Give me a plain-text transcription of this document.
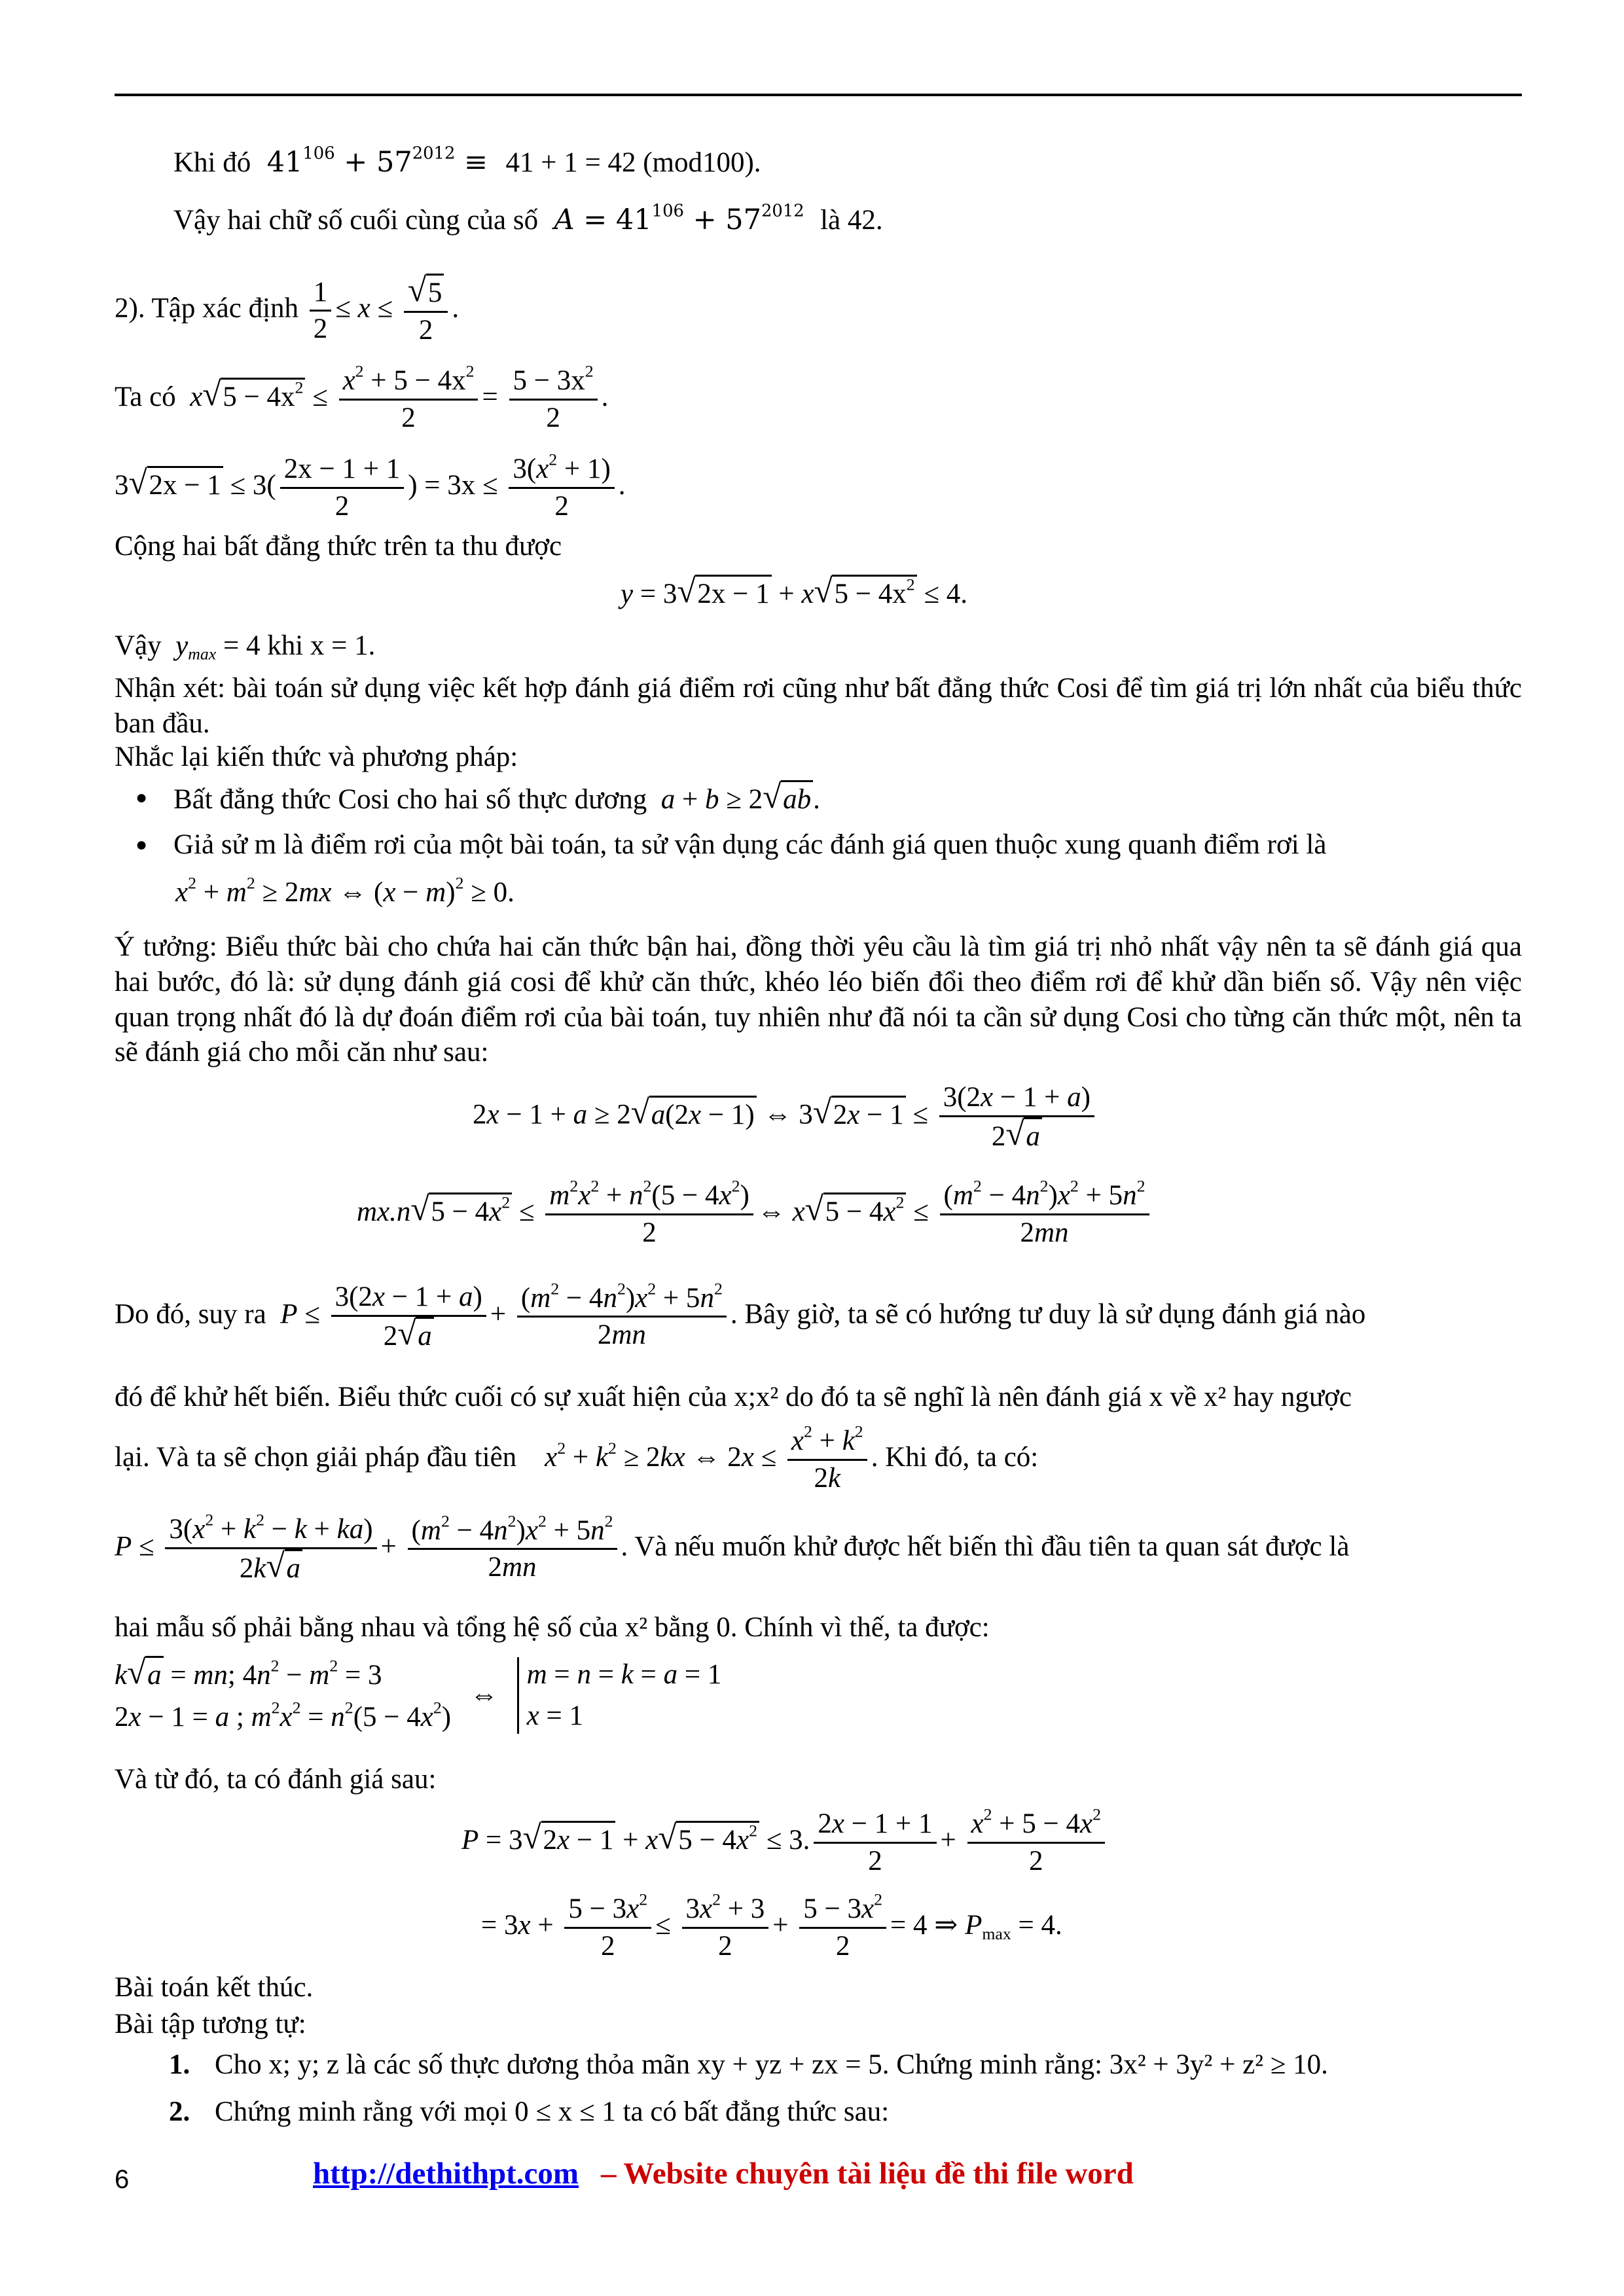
Khi đó  $41^{106} + 57^{2012} \equiv 41 + 1 = 42$ (mod100).
Vậy hai chữ số cuối cùng của số $A = 41^{106} + 57^{2012}$ là 42.
2). Tập xác định $\frac{1}{2} \le x$ ≤ √ $\frac{5}{2}$ .
Ta có  x √ $5 - 4x^2 \le \frac{x^2 + 5 - 4x^2}{2} = \frac{5 - 3x^2}{2}$ .
3 √ $2x - 1 \le 3( \frac{2x - 1 + 1}{2}$ ) = $3x \le \frac{3(x^2 + 1)}{2}$ .
Cộng hai bất đẳng thức trên ta thu được
y = 3 √ 2x − 1 + x √ $5 - 4x^2 \le 4$.
Vậy $y_{max} = 4$ khi x = 1.
Nhận xét: bài toán sử dụng việc kết hợp đánh giá điểm rơi cũng như bất đẳng thức Cosi để tìm giá trị lớn nhất của biểu thức ban đầu.
Nhắc lại kiến thức và phương pháp:
● Bất đẳng thức Cosi cho hai số thực dương a + b ≥ 2 √ ab.
● Giả sử m là điểm rơi của một bài toán, ta sử vận dụng các đánh giá quen thuộc xung quanh điểm rơi là
$x^2 + m^2 \ge 2mx$ ⇔ $(x - m)^2 \ge 0$.
Ý tưởng: Biểu thức bài cho chứa hai căn thức bận hai, đồng thời yêu cầu là tìm giá trị nhỏ nhất vậy nên ta sẽ đánh giá qua hai bước, đó là: sử dụng đánh giá cosi để khử căn thức, khéo léo biến đổi theo điểm rơi để khử dần biến số. Vậy nên việc quan trọng nhất đó là dự đoán điểm rơi của bài toán, tuy nhiên như đã nói ta cần sử dụng Cosi cho từng căn thức một, nên ta sẽ đánh giá cho mỗi căn như sau:
2x − 1 + a ≥ 2 √ a(2x − 1) ⇔ 3 √ $2x - 1 \le \frac{3(2x - 1 + a)}{2 √ a}$
mx.n √ $5 - 4x^2 \le \frac{m^2x^2 + n^2(5 - 4x^2)}{2}$ ⇔ x √ $5 - 4x^2 \le \frac{(m^2 - 4n^2)x^2 + 5n^2}{2mn}$
Do đó, suy ra $P \le \frac{3(2x - 1 + a)}{2 √ a} + \frac{(m^2 - 4n^2)x^2 + 5n^2}{2mn}$ . Bây giờ, ta sẽ có hướng tư duy là sử dụng đánh giá nào
đó để khử hết biến. Biểu thức cuối có sự xuất hiện của x;x² do đó ta sẽ nghĩ là nên đánh giá x về x² hay ngược
lại. Và ta sẽ chọn giải pháp đầu tiên $x^2 + k^2 \ge 2kx$ ⇔ $2x \le \frac{x^2 + k^2}{2k}$ . Khi đó, ta có:
$P \le \frac{3(x^2 + k^2 - k + ka)}{2k √ a} + \frac{(m^2 - 4n^2)x^2 + 5n^2}{2mn}$ . Và nếu muốn khử được hết biến thì đầu tiên ta quan sát được là
hai mẫu số phải bằng nhau và tổng hệ số của x² bằng 0. Chính vì thế, ta được:
k √ a = mn; $4n^2 - m^2 = 3$
2x − 1 = a ; $m^2x^2 = n^2(5 - 4x^2)$
⇔
m = n = k = a = 1
x = 1
Và từ đó, ta có đánh giá sau:
P = 3 √ 2x − 1 + x √ $5 - 4x^2 \le 3$. $\frac{2x - 1 + 1}{2} + \frac{x^2 + 5 - 4x^2}{2}$
= $3x + \frac{5 - 3x^2}{2} \le \frac{3x^2 + 3}{2} + \frac{5 - 3x^2}{2} = 4$ ⇒ $P_{max} = 4$.
Bài toán kết thúc.
Bài tập tương tự:
1. Cho x; y; z là các số thực dương thỏa mãn xy + yz + zx = 5. Chứng minh rằng: 3x² + 3y² + z² ≥ 10.
2. Chứng minh rằng với mọi 0 ≤ x ≤ 1 ta có bất đẳng thức sau:
6	http://dethithpt.com – Website chuyên tài liệu đề thi file word
